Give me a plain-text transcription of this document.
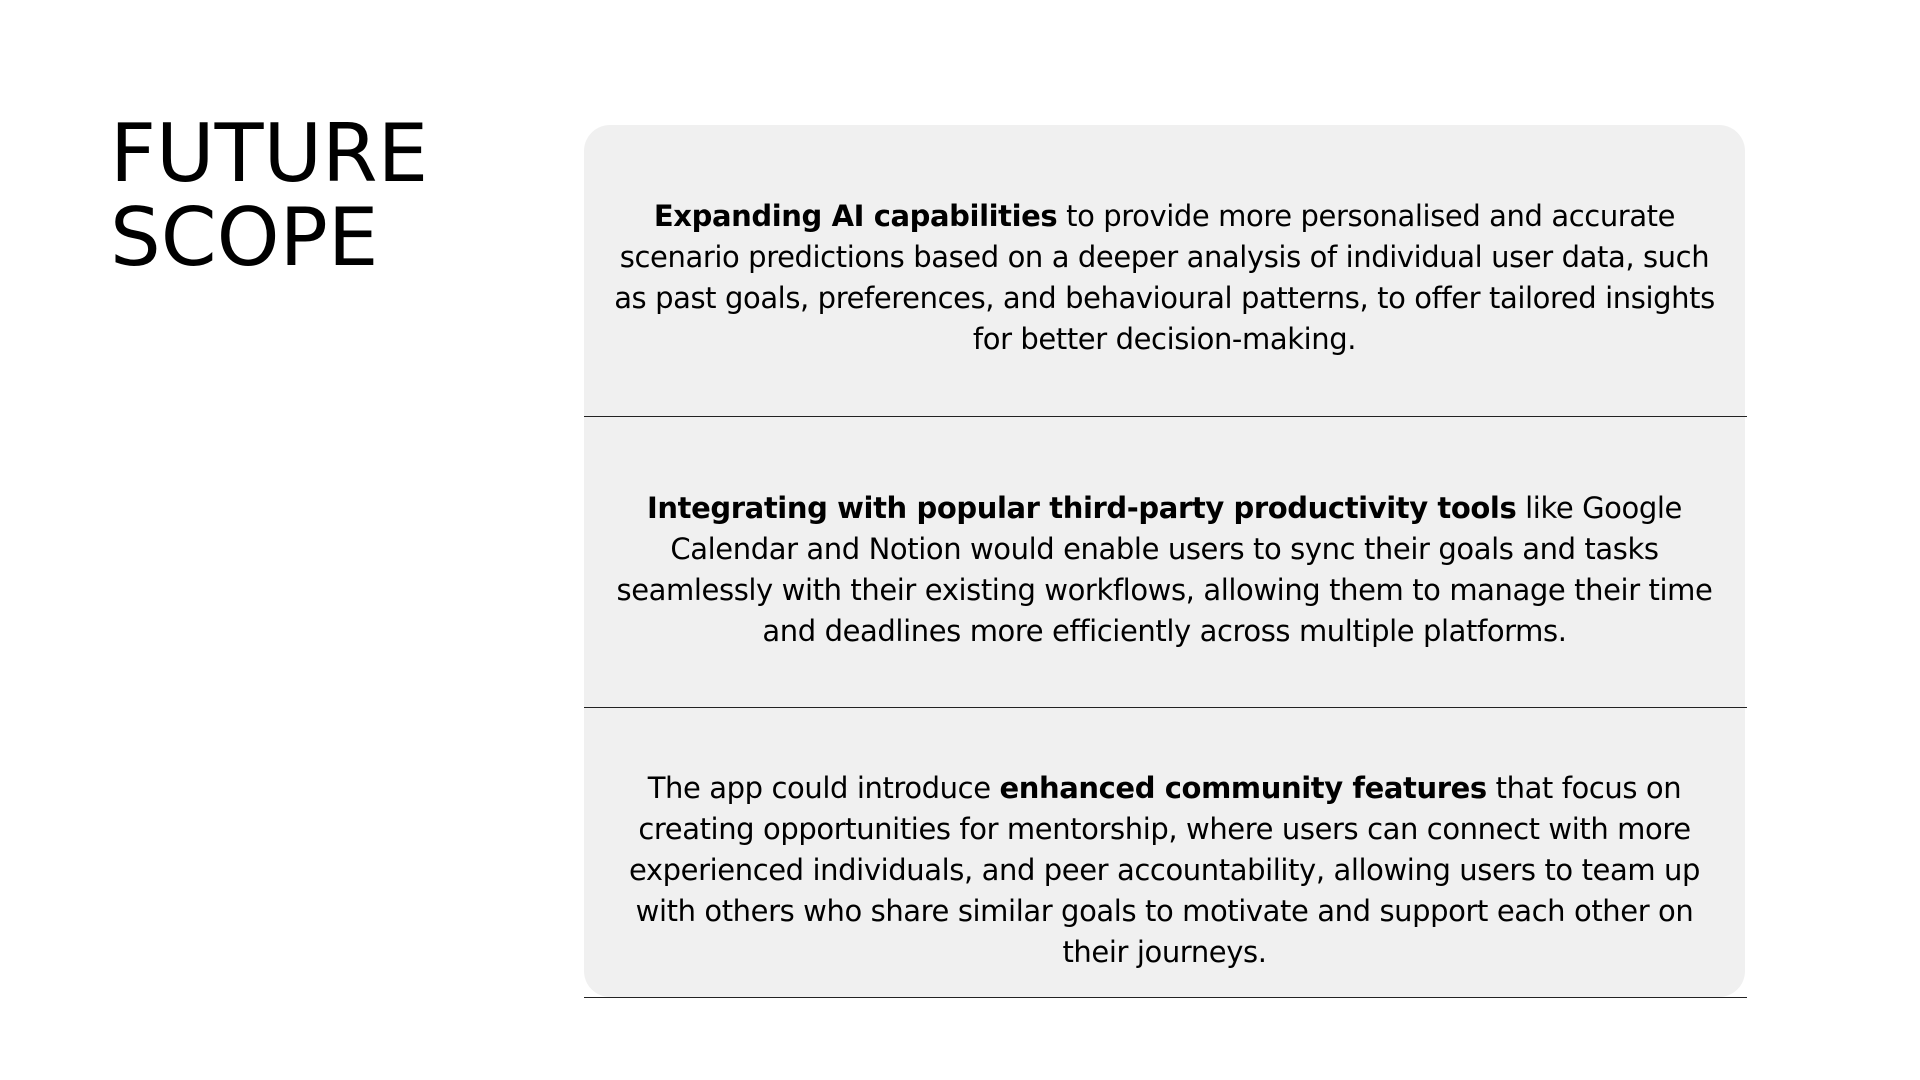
FUTURE
SCOPE	Expanding AI capabilities to provide more personalised and accurate scenario predictions based on a deeper analysis of individual user data, such as past goals, preferences, and behavioural patterns, to offer tailored insights for better decision-making.

Integrating with popular third-party productivity tools like Google Calendar and Notion would enable users to sync their goals and tasks seamlessly with their existing workflows, allowing them to manage their time and deadlines more efficiently across multiple platforms.

The app could introduce enhanced community features that focus on creating opportunities for mentorship, where users can connect with more experienced individuals, and peer accountability, allowing users to team up with others who share similar goals to motivate and support each other on their journeys.
